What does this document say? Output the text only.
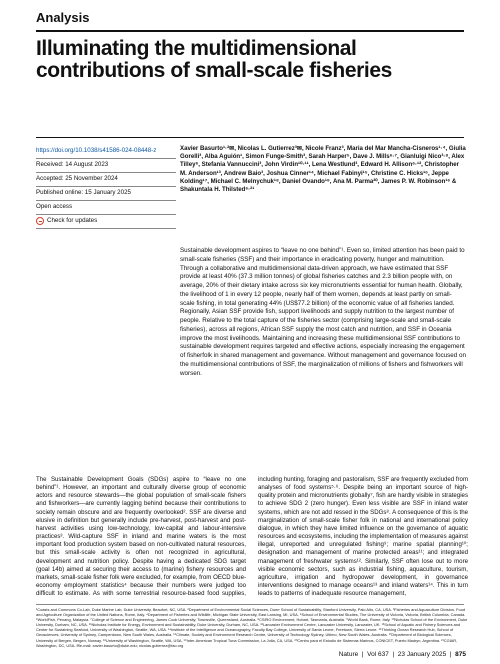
Analysis
Illuminating the multidimensional contributions of small-scale fisheries
https://doi.org/10.1038/s41586-024-08448-z
Received: 14 August 2023
Accepted: 25 November 2024
Published online: 15 January 2025
Open access
Check for updates
Xavier Basurto¹·²✉, Nicolas L. Gutierrez³✉, Nicole Franz³, Maria del Mar Mancha-Cisneros¹·⁴, Giulia Gorelli³, Alba Aguión¹, Simon Funge-Smith³, Sarah Harper⁵, Dave J. Mills⁶·⁷, Gianluigi Nico³·⁸, Alex Tilley⁶, Stefania Vannuccini³, John Virdin¹⁰·¹¹, Lena Westlund³, Edward H. Allison⁶·¹², Christopher M. Anderson¹³, Andrew Baio³, Joshua Cinner¹⁴, Michael Fabinyi¹⁵, Christine C. Hicks¹⁶, Jeppe Kolding¹⁷, Michael C. Melnychuk¹⁸, Daniel Ovando¹⁹, Ana M. Parma²⁰, James P. W. Robinson¹⁶ & Shakuntala H. Thilsted⁶·²¹
Sustainable development aspires to “leave no one behind”¹. Even so, limited attention has been paid to small-scale fisheries (SSF) and their importance in eradicating poverty, hunger and malnutrition. Through a collaborative and multidimensional data-driven approach, we have estimated that SSF provide at least 40% (37.3 million tonnes) of global fisheries catches and 2.3 billion people with, on average, 20% of their dietary intake across six key micronutrients essential for human health. Globally, the livelihood of 1 in every 12 people, nearly half of them women, depends at least partly on small-scale fishing, in total generating 44% (US$77.2 billion) of the economic value of all fisheries landed. Regionally, Asian SSF provide fish, support livelihoods and supply nutrition to the largest number of people. Relative to the total capture of the fisheries sector (comprising large-scale and small-scale fisheries), across all regions, African SSF supply the most catch and nutrition, and SSF in Oceania improve the most livelihoods. Maintaining and increasing these multidimensional SSF contributions to sustainable development requires targeted and effective actions, especially increasing the engagement of fisherfolk in shared management and governance. Without management and governance focused on the multidimensional contributions of SSF, the marginalization of millions of fishers and fishworkers will worsen.
The Sustainable Development Goals (SDGs) aspire to “leave no one behind”¹. However, an important and culturally diverse group of economic actors and resource stewards—the global population of small-scale fishers and fishworkers—are currently lagging behind because their contributions to society remain obscure and are frequently overlooked². SSF are diverse and elusive in definition but generally include pre-harvest, post-harvest and post-harvest activities using low-technology, low-capital and labour-intensive practices³. Wild-capture SSF in inland and marine waters is the most important food production system based on non-cultivated natural resources, but this small-scale activity is often not recognized in agricultural, development and nutrition policy. Despite having a dedicated SDG target (goal 14b) aimed at securing their access to (marine) fishery resources and markets, small-scale fisher folk were excluded, for example, from OECD blue-economy employment statistics⁴ because their numbers were judged too difficult to estimate. As with some terrestrial resource-based food supplies, including hunting, foraging and pastoralism, SSF are frequently excluded from analyses of food systems⁵·⁶. Despite being an important source of high-quality protein and micronutrients globally⁷, fish are hardly visible in strategies to achieve SDG 2 (zero hunger). Even less visible are SSF in inland water systems, which are not add ressed in the SDGs⁸. A consequence of this is the marginalization of small-scale fisher folk in national and international policy dialogue, in which they have limited influence on the governance of aquatic resources and ecosystems, including the implementation of measures against illegal, unreported and unregulated fishing⁹; marine spatial planning¹⁰; designation and management of marine protected areas¹¹; and integrated management of freshwater systems¹². Similarly, SSF often lose out to more visible economic sectors, such as industrial fishing, aquaculture, tourism, agriculture, irrigation and hydropower development, in governance interventions designed to manage oceans¹³ and inland waters¹⁴. This in turn leads to patterns of inadequate resource management,
¹Coasts and Commons Co-Lab, Duke Marine Lab, Duke University, Beaufort, NC, USA. ²Department of Environmental Social Sciences, Doerr School of Sustainability, Stanford University, Palo Alto, CA, USA. ³Fisheries and Aquaculture Division, Food and Agriculture Organization of the United Nations, Rome, Italy. ⁴Department of Fisheries and Wildlife, Michigan State University, East Lansing, MI, USA. ⁵School of Environmental Studies, The University of Victoria, Victoria, British Columbia, Canada. ⁶WorldFish, Penang, Malaysia. ⁷College of Science and Engineering, James Cook University, Townsville, Queensland, Australia. ⁸CSIRO Environment, Hobart, Tasmania, Australia. ⁹World Bank, Rome, Italy. ¹⁰Nicholas School of the Environment, Duke University, Durham, NC, USA. ¹¹Nicholas Institute for Energy, Environment and Sustainability, Duke University, Durham, NC, USA. ¹²Lancaster Environment Centre, Lancaster University, Lancaster, UK. ¹³School of Aquatic and Fishery Sciences and Center for Sustaining Seafood, University of Washington, Seattle, WA, USA. ¹⁴Institute of the Intelligence and Oceanography, Faculty Bay College, University of Santa Leone, Freetown, Sierra Leone. ¹⁵Thinking Ocean Research Hub, School of Geosciences, University of Sydney, Camperdown, New South Wales, Australia. ¹⁶Climate, Society and Environment Research Centre, University of Technology Sydney, Ultimo, New South Wales, Australia. ¹⁷Department of Biological Sciences, University of Bergen, Bergen, Norway. ¹⁸University of Washington, Seattle, WA, USA. ¹⁹Inter-American Tropical Tuna Commission, La Jolla, CA, USA. ²⁰Centro para el Estudio de Sistemas Marinos, CONICET, Puerto Madryn, Argentina. ²¹CGIAR, Washington, DC, USA. ✉e-mail: xavier.basurto@duke.edu; nicolas.gutierrez@fao.org
Nature  |  Vol 637  |  23 January 2025  |  875
